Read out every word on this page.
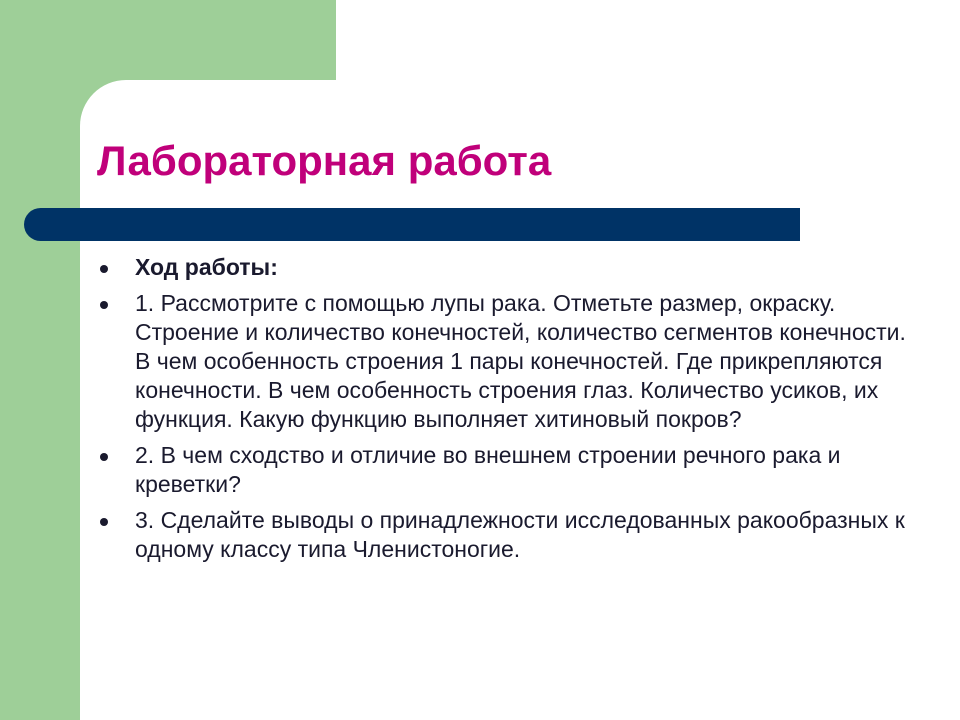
Лабораторная работа
Ход работы:
1. Рассмотрите с помощью лупы рака. Отметьте размер, окраску. Строение и количество конечностей, количество сегментов конечности. В чем особенность строения 1 пары конечностей. Где прикрепляются конечности. В чем особенность строения глаз. Количество усиков, их функция. Какую функцию выполняет хитиновый покров?
2. В чем сходство и отличие во внешнем строении речного рака и креветки?
3. Сделайте выводы о принадлежности исследованных ракообразных к одному классу типа Членистоногие.
